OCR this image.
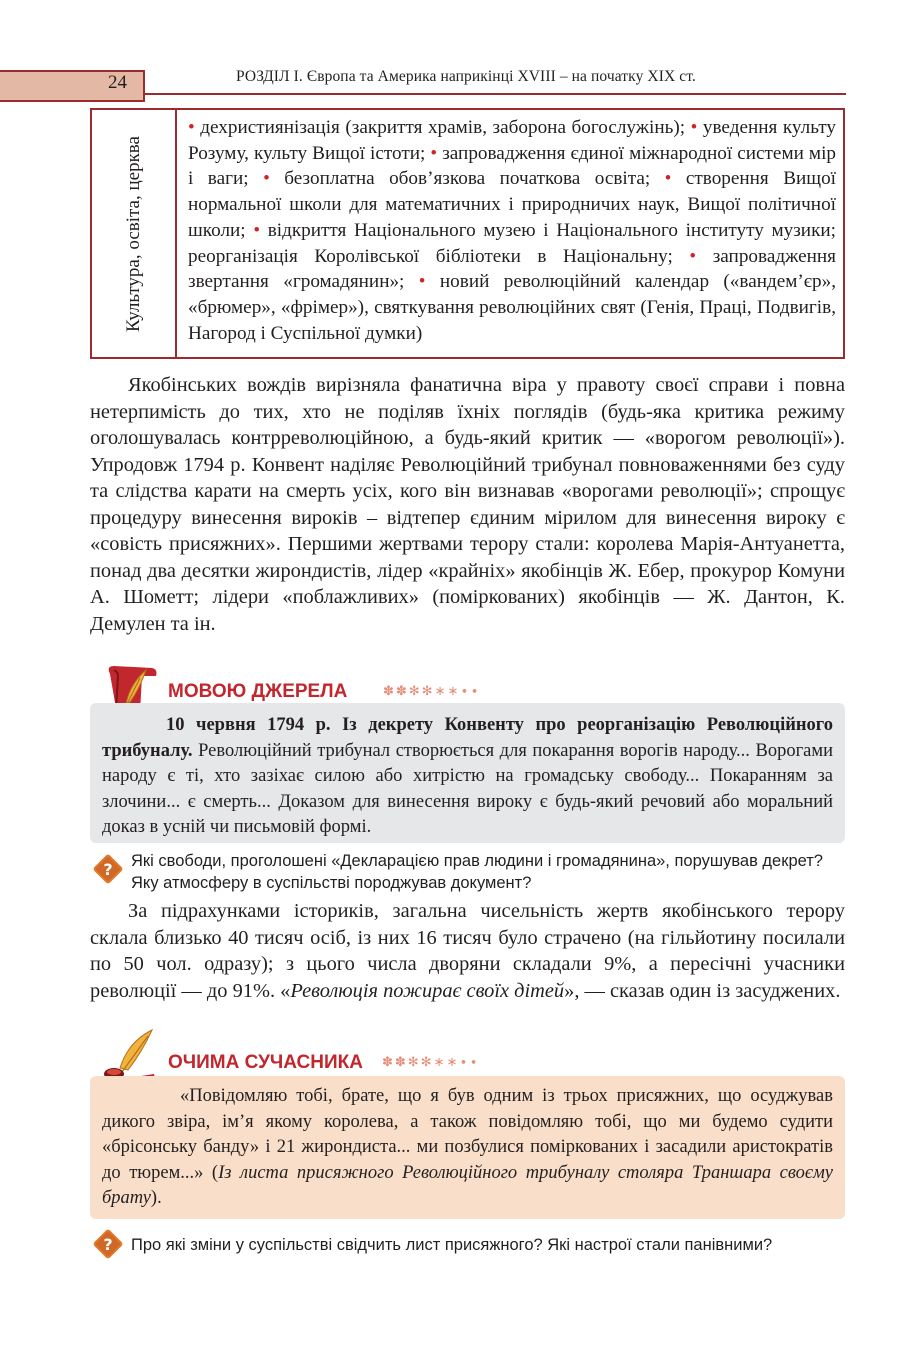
24	РОЗДІЛ І. Європа та Америка наприкінці XVIII – на початку XIX ст.
Культура, освіта, церква
• дехристиянізація (закриття храмів, заборона богослужінь); • уведення культу Розуму, культу Вищої істоти; • запровадження єдиної міжнародної системи мір і ваги; • безоплатна обов’язкова початкова освіта; • створення Вищої нормальної школи для математичних і природничих наук, Вищої політичної школи; • відкриття Національного музею і Національного інституту музики; реорганізація Королівської бібліотеки в Національну; • запровадження звертання «громадянин»; • новий революційний календар («вандем’єр», «брюмер», «фрімер»), святкування революційних свят (Генія, Праці, Подвигів, Нагород і Суспільної думки)
Якобінських вождів вирізняла фанатична віра у правоту своєї справи і повна нетерпимість до тих, хто не поділяв їхніх поглядів (будь-яка критика режиму оголошувалась контрреволюційною, а будь-який критик — «ворогом революції»). Упродовж 1794 р. Конвент наділяє Революційний трибунал повноваженнями без суду та слідства карати на смерть усіх, кого він визнавав «ворогами революції»; спрощує процедуру винесення вироків – відтепер єдиним мірилом для винесення вироку є «совість присяжних». Першими жертвами терору стали: королева Марія-Антуанетта, понад два десятки жирондистів, лідер «крайніх» якобінців Ж. Ебер, прокурор Комуни А. Шометт; лідери «поблажливих» (поміркованих) якобінців — Ж. Дантон, К. Демулен та ін.
МОВОЮ ДЖЕРЕЛА	✽✽✻✻∗∗∙∙
10 червня 1794 р. Із декрету Конвенту про реорганізацію Революційного трибуналу. Революційний трибунал створюється для покарання ворогів народу... Ворогами народу є ті, хто зазіхає силою або хитрістю на громадську свободу... Покаранням за злочини... є смерть... Доказом для винесення вироку є будь-який речовий або моральний доказ в усній чи письмовій формі.
? Які свободи, проголошені «Декларацією прав людини і громадянина», порушував декрет? Яку атмосферу в суспільстві породжував документ?
За підрахунками істориків, загальна чисельність жертв якобінського терору склала близько 40 тисяч осіб, із них 16 тисяч було страчено (на гільйотину посилали по 50 чол. одразу); з цього числа дворяни складали 9%, а пересічні учасники революції — до 91%. «Революція пожирає своїх дітей», — сказав один із засуджених.
ОЧИМА СУЧАСНИКА ✽✽✻✻∗∗∙∙
«Повідомляю тобі, брате, що я був одним із трьох присяжних, що осуджував дикого звіра, ім’я якому королева, а також повідомляю тобі, що ми будемо судити «брісонську банду» і 21 жирондиста... ми позбулися поміркованих і засадили аристократів до тюрем...» (Із листа присяжного Революційного трибуналу столяра Траншара своєму брату).
? Про які зміни у суспільстві свідчить лист присяжного? Які настрої стали панівними?
